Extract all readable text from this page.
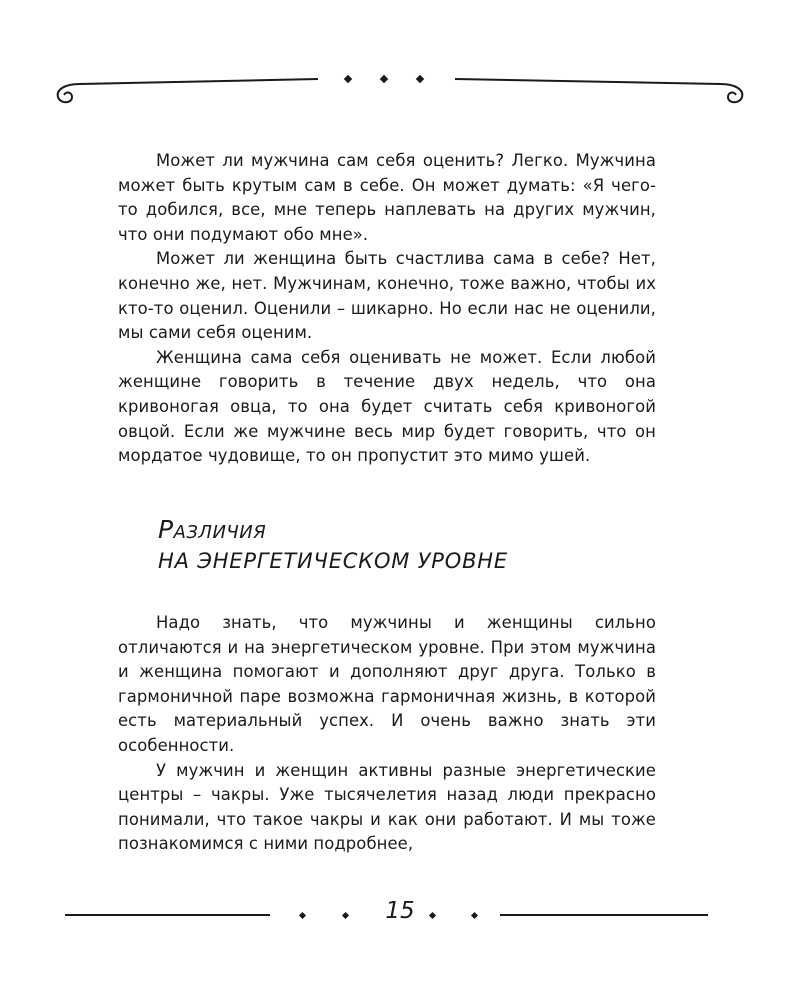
Может ли мужчина сам себя оценить? Легко. Мужчина может быть крутым сам в себе. Он может думать: «Я чего-то добился, все, мне теперь наплевать на других мужчин, что они подумают обо мне».

Может ли женщина быть счастлива сама в себе? Нет, конечно же, нет. Мужчинам, конечно, тоже важно, чтобы их кто-то оценил. Оценили – шикарно. Но если нас не оценили, мы сами себя оценим.

Женщина сама себя оценивать не может. Если любой женщине говорить в течение двух недель, что она кривоногая овца, то она будет считать себя кривоногой овцой. Если же мужчине весь мир будет говорить, что он мордатое чудовище, то он пропустит это мимо ушей.

Различия
НА ЭНЕРГЕТИЧЕСКОМ УРОВНЕ

Надо знать, что мужчины и женщины сильно отличаются и на энергетическом уровне. При этом мужчина и женщина помогают и дополняют друг друга. Только в гармоничной паре возможна гармоничная жизнь, в которой есть материальный успех. И очень важно знать эти особенности.

У мужчин и женщин активны разные энергетические центры – чакры. Уже тысячелетия назад люди прекрасно понимали, что такое чакры и как они работают. И мы тоже познакомимся с ними подробнее,

15
